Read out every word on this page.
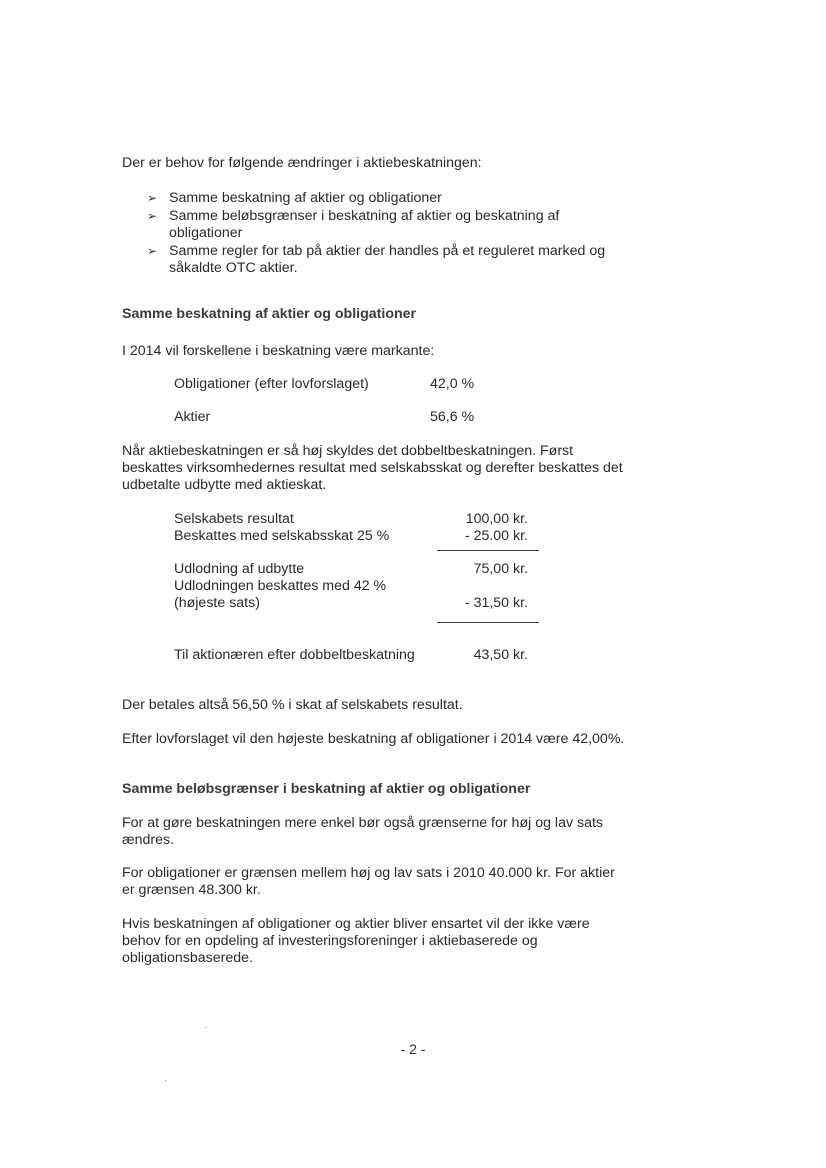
Der er behov for følgende ændringer i aktiebeskatningen:

➢ Samme beskatning af aktier og obligationer
➢ Samme beløbsgrænser i beskatning af aktier og beskatning af
obligationer
➢ Samme regler for tab på aktier der handles på et reguleret marked og
såkaldte OTC aktier.

Samme beskatning af aktier og obligationer

I 2014 vil forskellene i beskatning være markante:

Obligationer (efter lovforslaget)	42,0 %

Aktier	56,6 %

Når aktiebeskatningen er så høj skyldes det dobbeltbeskatningen. Først

beskattes virksomhedernes resultat med selskabsskat og derefter beskattes det

udbetalte udbytte med aktieskat.

Selskabets resultat	100,00 kr.

Beskattes med selskabsskat 25 %	- 25.00 kr.

Udlodning af udbytte	75,00 kr.

Udlodningen beskattes med 42 %

(højeste sats)	- 31,50 kr.

Til aktionæren efter dobbeltbeskatning	43,50 kr.

Der betales altså 56,50 % i skat af selskabets resultat.

Efter lovforslaget vil den højeste beskatning af obligationer i 2014 være 42,00%.

Samme beløbsgrænser i beskatning af aktier og obligationer

For at gøre beskatningen mere enkel bør også grænserne for høj og lav sats

ændres.

For obligationer er grænsen mellem høj og lav sats i 2010 40.000 kr. For aktier

er grænsen 48.300 kr.

Hvis beskatningen af obligationer og aktier bliver ensartet vil der ikke være

behov for en opdeling af investeringsforeninger i aktiebaserede og

obligationsbaserede.

- 2 -
